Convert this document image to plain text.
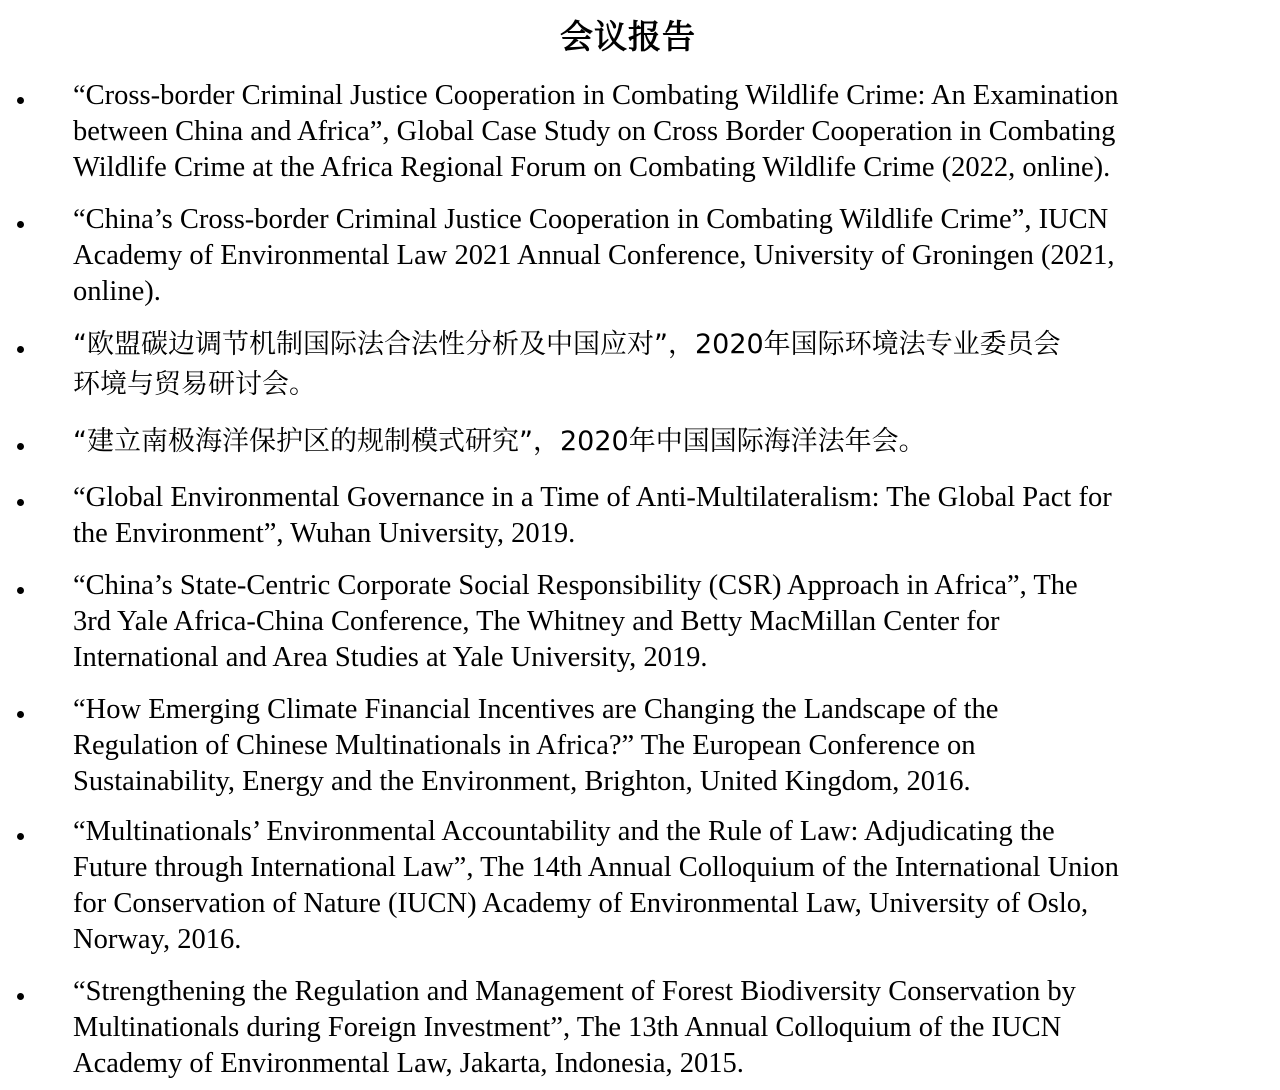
会议报告
“Cross-border Criminal Justice Cooperation in Combating Wildlife Crime: An Examination
between China and Africa”, Global Case Study on Cross Border Cooperation in Combating
Wildlife Crime at the Africa Regional Forum on Combating Wildlife Crime (2022, online).
“China’s Cross-border Criminal Justice Cooperation in Combating Wildlife Crime”, IUCN
Academy of Environmental Law 2021 Annual Conference, University of Groningen (2021,
online).
“欧盟碳边调节机制国际法合法性分析及中国应对”，2020年国际环境法专业委员会
环境与贸易研讨会。
“建立南极海洋保护区的规制模式研究”，2020年中国国际海洋法年会。
“Global Environmental Governance in a Time of Anti-Multilateralism: The Global Pact for
the Environment”, Wuhan University, 2019.
“China’s State-Centric Corporate Social Responsibility (CSR) Approach in Africa”, The
3rd Yale Africa-China Conference, The Whitney and Betty MacMillan Center for
International and Area Studies at Yale University, 2019.
“How Emerging Climate Financial Incentives are Changing the Landscape of the
Regulation of Chinese Multinationals in Africa?” The European Conference on
Sustainability, Energy and the Environment, Brighton, United Kingdom, 2016.
“Multinationals’ Environmental Accountability and the Rule of Law: Adjudicating the
Future through International Law”, The 14th Annual Colloquium of the International Union
for Conservation of Nature (IUCN) Academy of Environmental Law, University of Oslo,
Norway, 2016.
“Strengthening the Regulation and Management of Forest Biodiversity Conservation by
Multinationals during Foreign Investment”, The 13th Annual Colloquium of the IUCN
Academy of Environmental Law, Jakarta, Indonesia, 2015.
